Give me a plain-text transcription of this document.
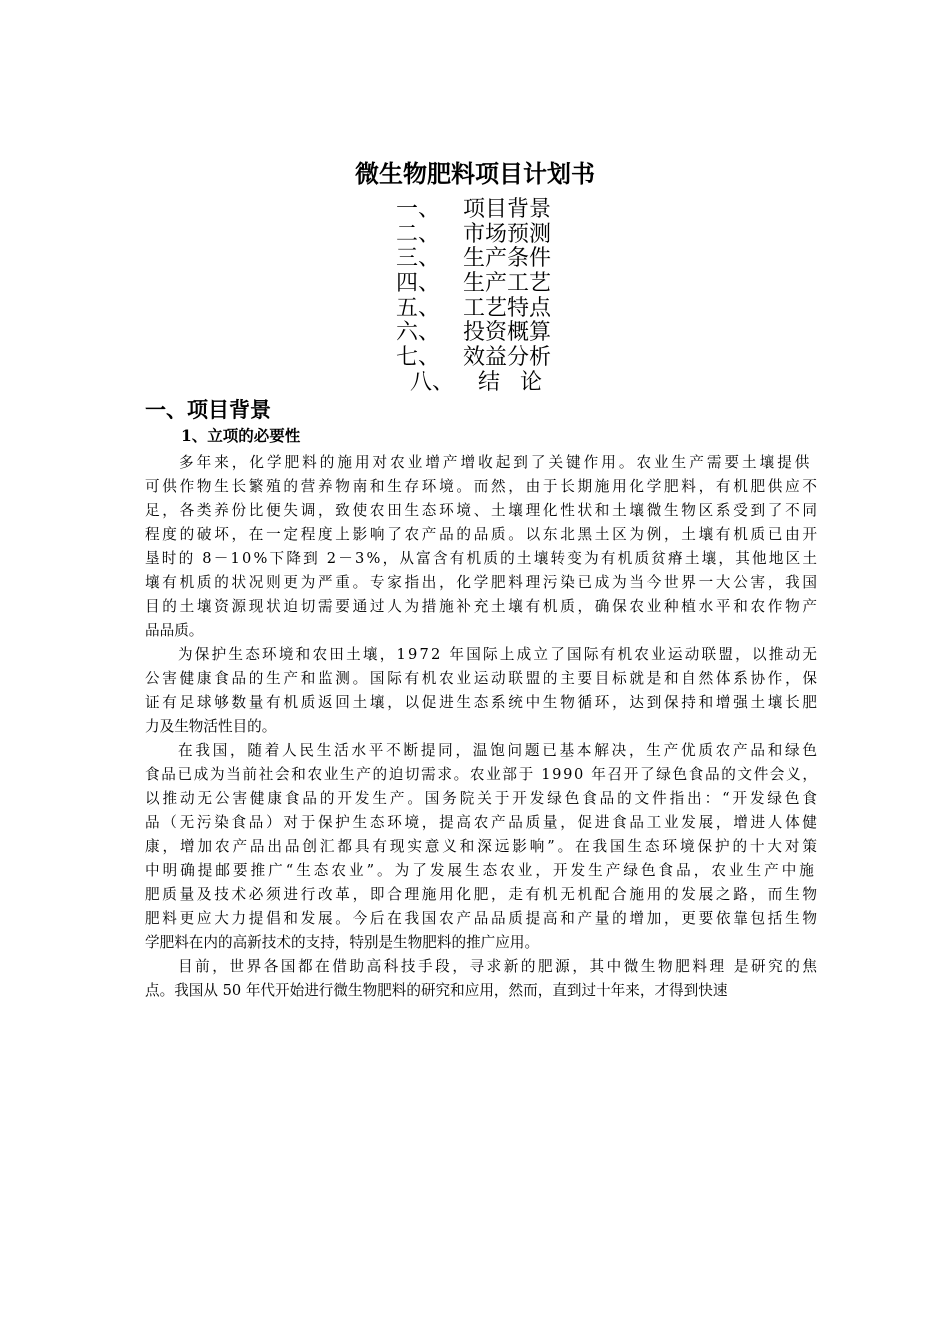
微生物肥料项目计划书
一、 项目背景
二、 市场预测
三、 生产条件
四、 生产工艺
五、 工艺特点
六、 投资概算
七、 效益分析
八、 结论
一、项目背景
1、立项的必要性
多年来，化学肥料的施用对农业增产增收起到了关键作用。农业生产需要土壤提供
可供作物生长繁殖的营养物南和生存环境。而然，由于长期施用化学肥料，有机肥供应不
足，各类养份比便失调，致使农田生态环境、土壤理化性状和土壤微生物区系受到了不同
程度的破坏，在一定程度上影响了农产品的品质。以东北黑土区为例，土壤有机质已由开
垦时的 8－10%下降到 2－3%，从富含有机质的土壤转变为有机质贫瘠土壤，其他地区土
壤有机质的状况则更为严重。专家指出，化学肥料理污染已成为当今世界一大公害，我国
目的土壤资源现状迫切需要通过人为措施补充土壤有机质，确保农业种植水平和农作物产
品品质。
为保护生态环境和农田土壤，1972 年国际上成立了国际有机农业运动联盟，以推动无
公害健康食品的生产和监测。国际有机农业运动联盟的主要目标就是和自然体系协作，保
证有足球够数量有机质返回土壤，以促进生态系统中生物循环，达到保持和增强土壤长肥
力及生物活性目的。
在我国，随着人民生活水平不断提同，温饱问题已基本解决，生产优质农产品和绿色
食品已成为当前社会和农业生产的迫切需求。农业部于 1990 年召开了绿色食品的文件会义，
以推动无公害健康食品的开发生产。国务院关于开发绿色食品的文件指出：“开发绿色食
品（无污染食品）对于保护生态环境，提高农产品质量，促进食品工业发展，增进人体健
康，增加农产品出品创汇都具有现实意义和深远影响”。在我国生态环境保护的十大对策
中明确提邮要推广“生态农业”。为了发展生态农业，开发生产绿色食品，农业生产中施
肥质量及技术必须进行改革，即合理施用化肥，走有机无机配合施用的发展之路，而生物
肥料更应大力提倡和发展。今后在我国农产品品质提高和产量的增加，更要依靠包括生物
学肥料在内的高新技术的支持，特别是生物肥料的推广应用。
目前，世界各国都在借助高科技手段，寻求新的肥源，其中微生物肥料理 是研究的焦
点。我国从 50 年代开始进行微生物肥料的研究和应用，然而，直到过十年来，才得到快速
